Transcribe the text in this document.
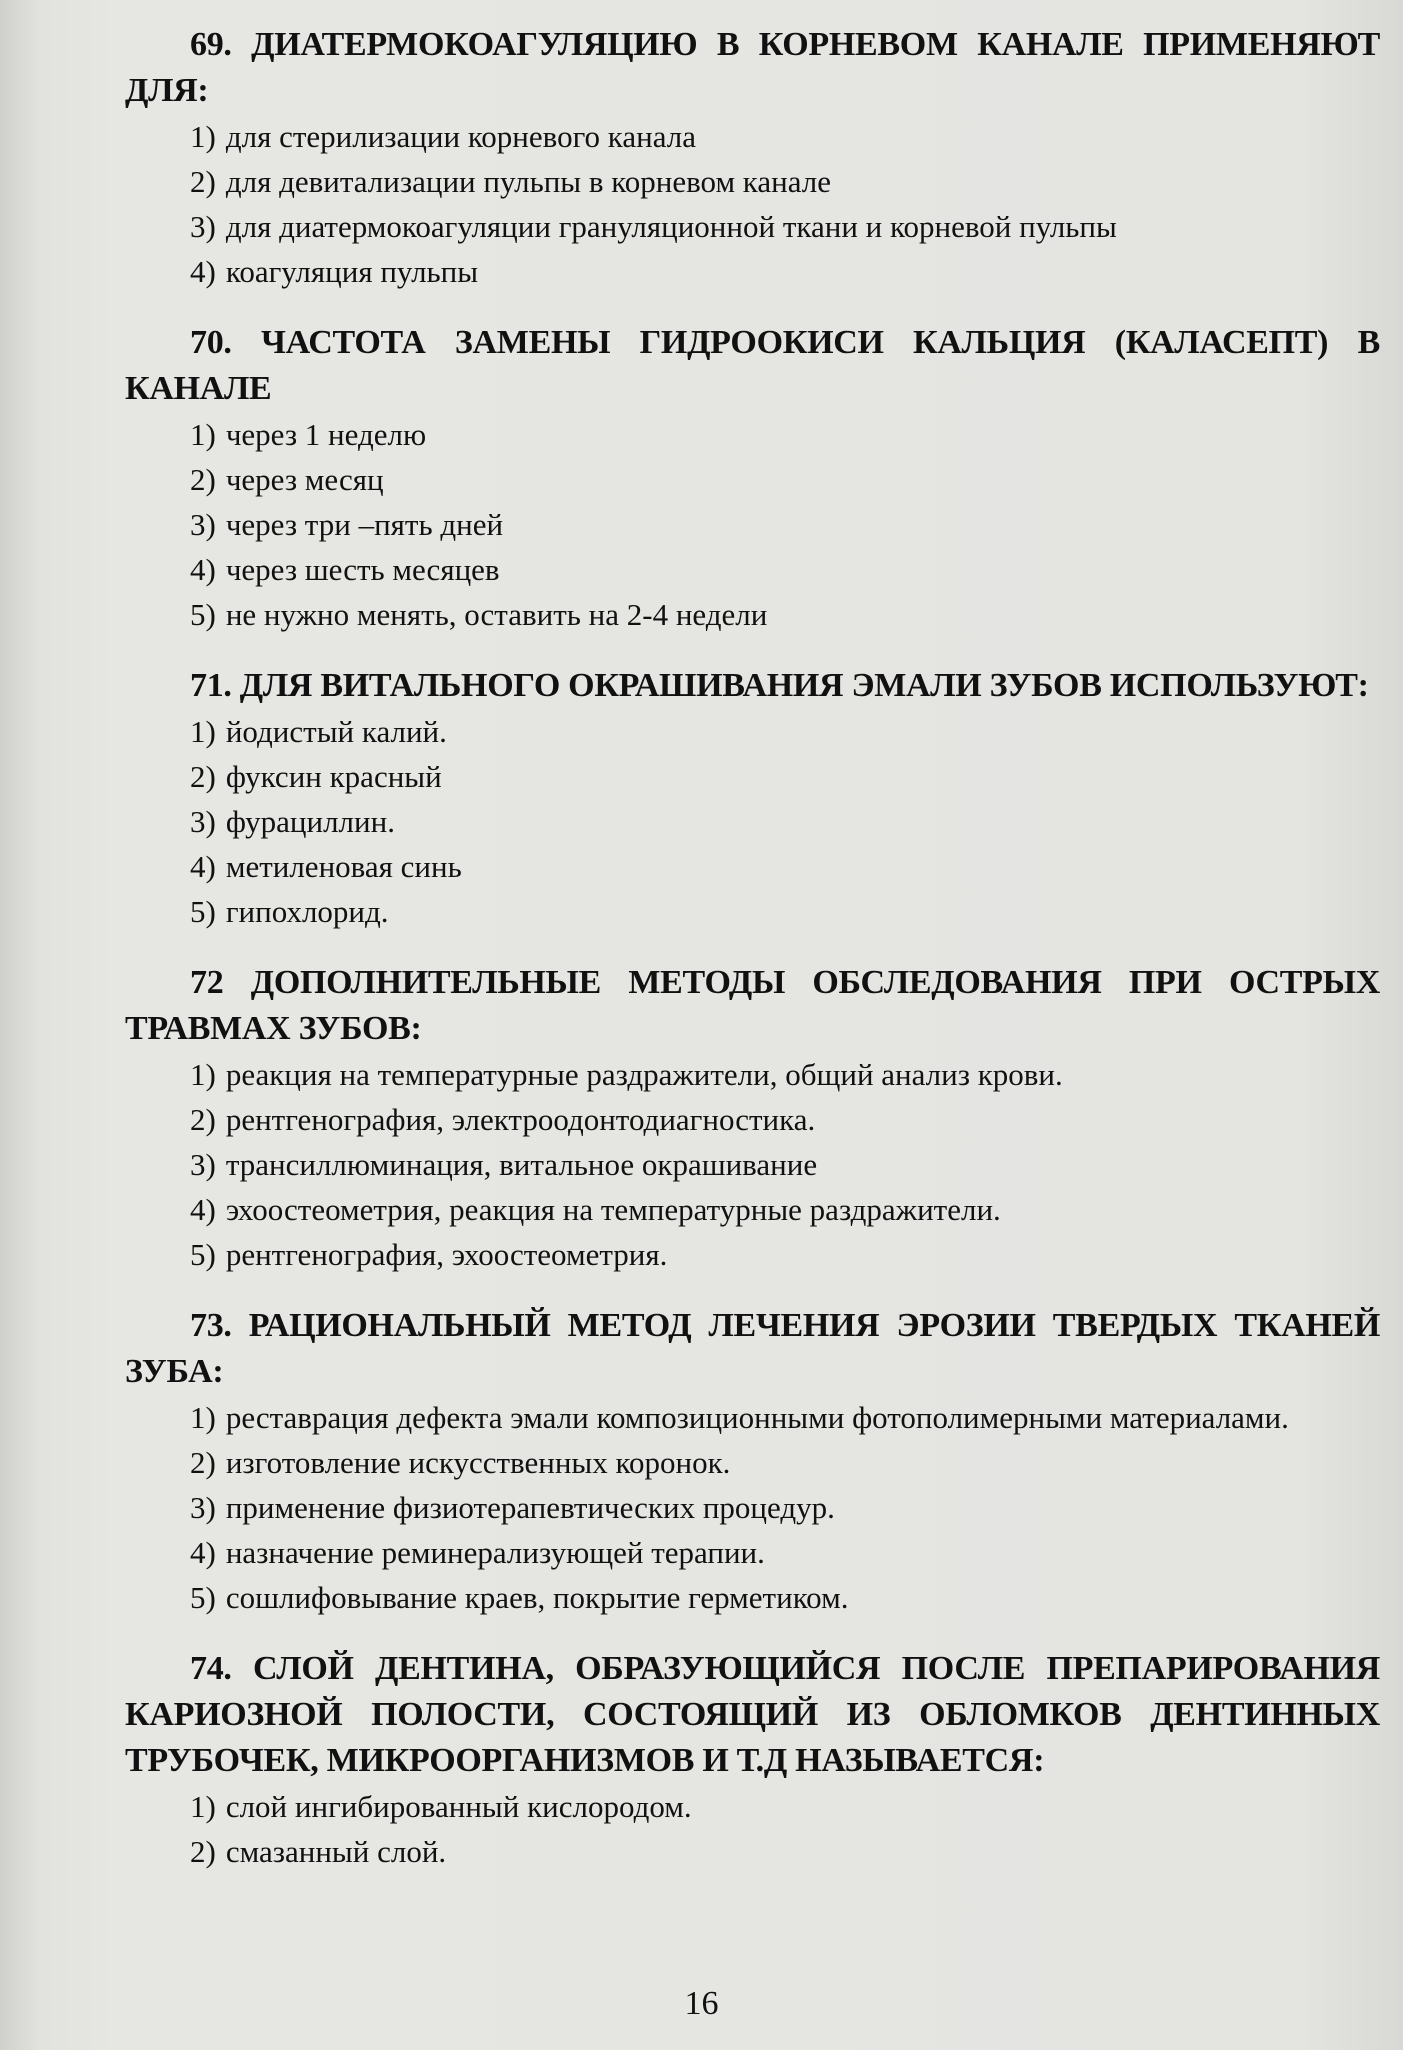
69. ДИАТЕРМОКОАГУЛЯЦИЮ В КОРНЕВОМ КАНАЛЕ ПРИМЕНЯЮТ ДЛЯ:

1) для стерилизации корневого канала
2) для девитализации пульпы в корневом канале
3) для диатермокоагуляции грануляционной ткани и корневой пульпы
4) коагуляция пульпы

70. ЧАСТОТА ЗАМЕНЫ ГИДРООКИСИ КАЛЬЦИЯ (КАЛАСЕПТ) В КАНАЛЕ

1) через 1 неделю
2) через месяц
3) через три –пять дней
4) через шесть месяцев
5) не нужно менять, оставить на 2-4 недели

71. ДЛЯ ВИТАЛЬНОГО ОКРАШИВАНИЯ ЭМАЛИ ЗУБОВ ИСПОЛЬЗУЮТ:

1) йодистый калий.
2) фуксин красный
3) фурациллин.
4) метиленовая синь
5) гипохлорид.

72 ДОПОЛНИТЕЛЬНЫЕ МЕТОДЫ ОБСЛЕДОВАНИЯ ПРИ ОСТРЫХ ТРАВМАХ ЗУБОВ:

1) реакция на температурные раздражители, общий анализ крови.
2) рентгенография, электроодонтодиагностика.
3) трансиллюминация, витальное окрашивание
4) эхоостеометрия, реакция на температурные раздражители.
5) рентгенография, эхоостеометрия.

73. РАЦИОНАЛЬНЫЙ МЕТОД ЛЕЧЕНИЯ ЭРОЗИИ ТВЕРДЫХ ТКАНЕЙ ЗУБА:

1) реставрация дефекта эмали композиционными фотополимерными материалами.
2) изготовление искусственных коронок.
3) применение физиотерапевтических процедур.
4) назначение реминерализующей терапии.
5) сошлифовывание краев, покрытие герметиком.

74. СЛОЙ ДЕНТИНА, ОБРАЗУЮЩИЙСЯ ПОСЛЕ ПРЕПАРИРОВАНИЯ КАРИОЗНОЙ ПОЛОСТИ, СОСТОЯЩИЙ ИЗ ОБЛОМКОВ ДЕНТИННЫХ ТРУБОЧЕК, МИКРООРГАНИЗМОВ И Т.Д НАЗЫВАЕТСЯ:

1) слой ингибированный кислородом.
2) смазанный слой.
16
